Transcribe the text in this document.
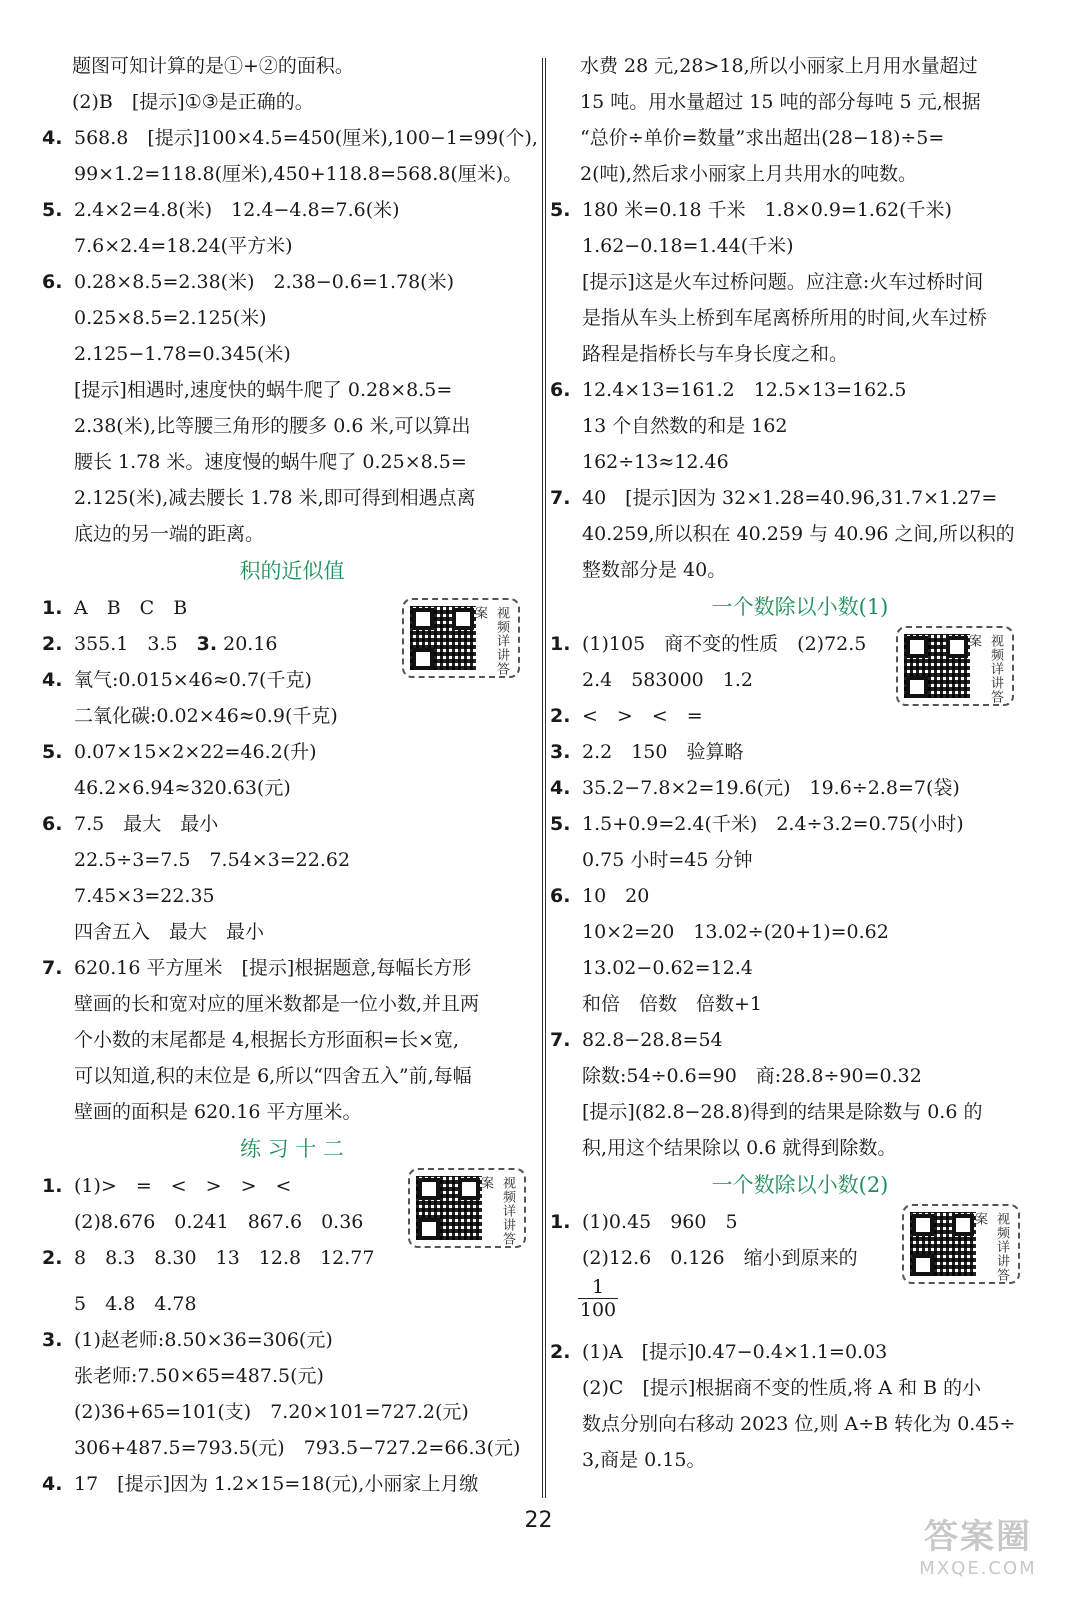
题图可知计算的是①+②的面积。
(2)B　[提示]①③是正确的。
4. 568.8　[提示]100×4.5=450(厘米),100−1=99(个),
99×1.2=118.8(厘米),450+118.8=568.8(厘米)。
5. 2.4×2=4.8(米)　12.4−4.8=7.6(米)
7.6×2.4=18.24(平方米)
6. 0.28×8.5=2.38(米)　2.38−0.6=1.78(米)
0.25×8.5=2.125(米)
2.125−1.78=0.345(米)
[提示]相遇时,速度快的蜗牛爬了 0.28×8.5=
2.38(米),比等腰三角形的腰多 0.6 米,可以算出
腰长 1.78 米。速度慢的蜗牛爬了 0.25×8.5=
2.125(米),减去腰长 1.78 米,即可得到相遇点离
底边的另一端的距离。
积的近似值
1. A　B　C　B
2. 355.1　3.5　3. 20.16
4. 氧气:0.015×46≈0.7(千克)
二氧化碳:0.02×46≈0.9(千克)
5. 0.07×15×2×22=46.2(升)
46.2×6.94≈320.63(元)
6. 7.5　最大　最小
22.5÷3=7.5　7.54×3=22.62
7.45×3=22.35
四舍五入　最大　最小
7. 620.16 平方厘米　[提示]根据题意,每幅长方形
壁画的长和宽对应的厘米数都是一位小数,并且两
个小数的末尾都是 4,根据长方形面积=长×宽,
可以知道,积的末位是 6,所以“四舍五入”前,每幅
壁画的面积是 620.16 平方厘米。
练 习 十 二
1. (1)>　=　<　>　>　<
(2)8.676　0.241　867.6　0.36
2. 8　8.3　8.30　13　12.8　12.77
5　4.8　4.78
3. (1)赵老师:8.50×36=306(元)
张老师:7.50×65=487.5(元)
(2)36+65=101(支)　7.20×101=727.2(元)
306+487.5=793.5(元)　793.5−727.2=66.3(元)
4. 17　[提示]因为 1.2×15=18(元),小丽家上月缴
视频详讲答案
视频详讲答案
水费 28 元,28>18,所以小丽家上月用水量超过
15 吨。用水量超过 15 吨的部分每吨 5 元,根据
“总价÷单价=数量”求出超出(28−18)÷5=
2(吨),然后求小丽家上月共用水的吨数。
5. 180 米=0.18 千米　1.8×0.9=1.62(千米)
1.62−0.18=1.44(千米)
[提示]这是火车过桥问题。应注意:火车过桥时间
是指从车头上桥到车尾离桥所用的时间,火车过桥
路程是指桥长与车身长度之和。
6. 12.4×13=161.2　12.5×13=162.5
13 个自然数的和是 162
162÷13≈12.46
7. 40　[提示]因为 32×1.28=40.96,31.7×1.27=
40.259,所以积在 40.259 与 40.96 之间,所以积的
整数部分是 40。
一个数除以小数(1)
1. (1)105　商不变的性质　(2)72.5
2.4　583000　1.2
2. <　>　<　=
3. 2.2　150　验算略
4. 35.2−7.8×2=19.6(元)　19.6÷2.8=7(袋)
5. 1.5+0.9=2.4(千米)　2.4÷3.2=0.75(小时)
0.75 小时=45 分钟
6. 10　20
10×2=20　13.02÷(20+1)=0.62
13.02−0.62=12.4
和倍　倍数　倍数+1
7. 82.8−28.8=54
除数:54÷0.6=90　商:28.8÷90=0.32
[提示](82.8−28.8)得到的结果是除数与 0.6 的
积,用这个结果除以 0.6 就得到除数。
一个数除以小数(2)
1. (1)0.45　960　5
(2)12.6　0.126　缩小到原来的
$\frac{1}{100}$
2. (1)A　[提示]0.47−0.4×1.1=0.03
(2)C　[提示]根据商不变的性质,将 A 和 B 的小
数点分别向右移动 2023 位,则 A÷B 转化为 0.45÷
3,商是 0.15。
视频详讲答案
视频详讲答案
22	答案圈
MXQE.COM
